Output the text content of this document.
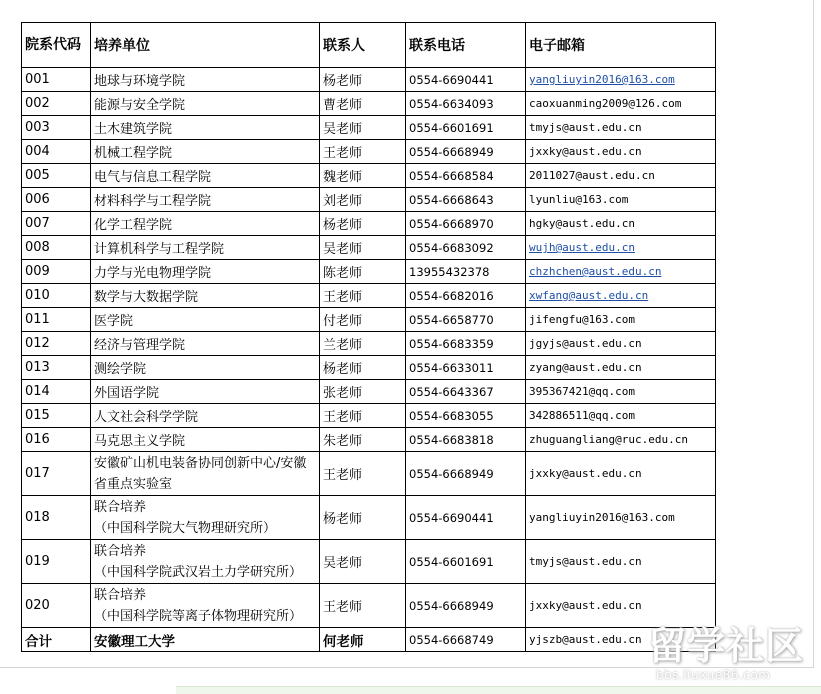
院系代码	培养单位	联系人	联系电话	电子邮箱
001	地球与环境学院	杨老师	0554-6690441	yangliuyin2016@163.com
002	能源与安全学院	曹老师	0554-6634093	caoxuanming2009@126.com
003	土木建筑学院	吴老师	0554-6601691	tmyjs@aust.edu.cn
004	机械工程学院	王老师	0554-6668949	jxxky@aust.edu.cn
005	电气与信息工程学院	魏老师	0554-6668584	2011027@aust.edu.cn
006	材料科学与工程学院	刘老师	0554-6668643	lyunliu@163.com
007	化学工程学院	杨老师	0554-6668970	hgky@aust.edu.cn
008	计算机科学与工程学院	吴老师	0554-6683092	wujh@aust.edu.cn
009	力学与光电物理学院	陈老师	13955432378	chzhchen@aust.edu.cn
010	数学与大数据学院	王老师	0554-6682016	xwfang@aust.edu.cn
011	医学院	付老师	0554-6658770	jifengfu@163.com
012	经济与管理学院	兰老师	0554-6683359	jgyjs@aust.edu.cn
013	测绘学院	杨老师	0554-6633011	zyang@aust.edu.cn
014	外国语学院	张老师	0554-6643367	395367421@qq.com
015	人文社会科学学院	王老师	0554-6683055	342886511@qq.com
016	马克思主义学院	朱老师	0554-6683818	zhuguangliang@ruc.edu.cn
017	安徽矿山机电装备协同创新中心/安徽省重点实验室	王老师	0554-6668949	jxxky@aust.edu.cn
018	联合培养
（中国科学院大气物理研究所）	杨老师	0554-6690441	yangliuyin2016@163.com
019	联合培养
（中国科学院武汉岩土力学研究所）	吴老师	0554-6601691	tmyjs@aust.edu.cn
020	联合培养
（中国科学院等离子体物理研究所）	王老师	0554-6668949	jxxky@aust.edu.cn
合计	安徽理工大学	何老师	0554-6668749	yjszb@aust.edu.cn 留学社区
bbs.liuxue86.com
